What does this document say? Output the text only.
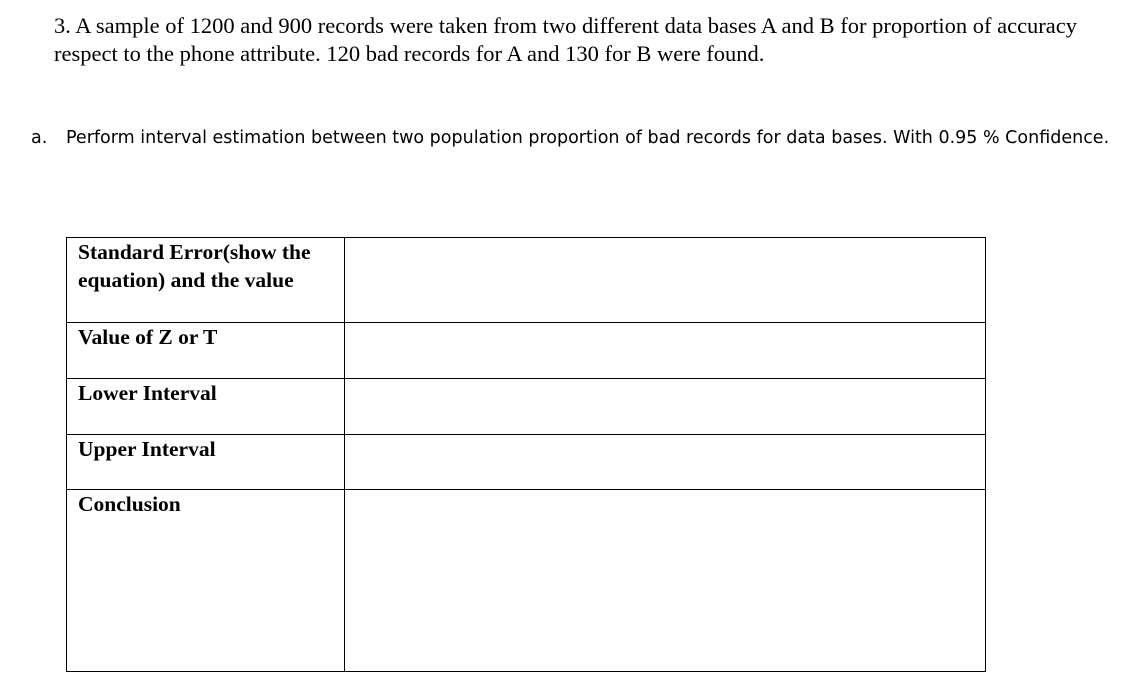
3. A sample of 1200 and 900 records were taken from two different data bases A and B for proportion of accuracy respect to the phone attribute. 120 bad records for A and 130 for B were found.

a. Perform interval estimation between two population proportion of bad records for data bases. With 0.95 % Confidence.
Standard Error(show the equation) and the value	
Value of Z or T	
Lower Interval	
Upper Interval	
Conclusion	
